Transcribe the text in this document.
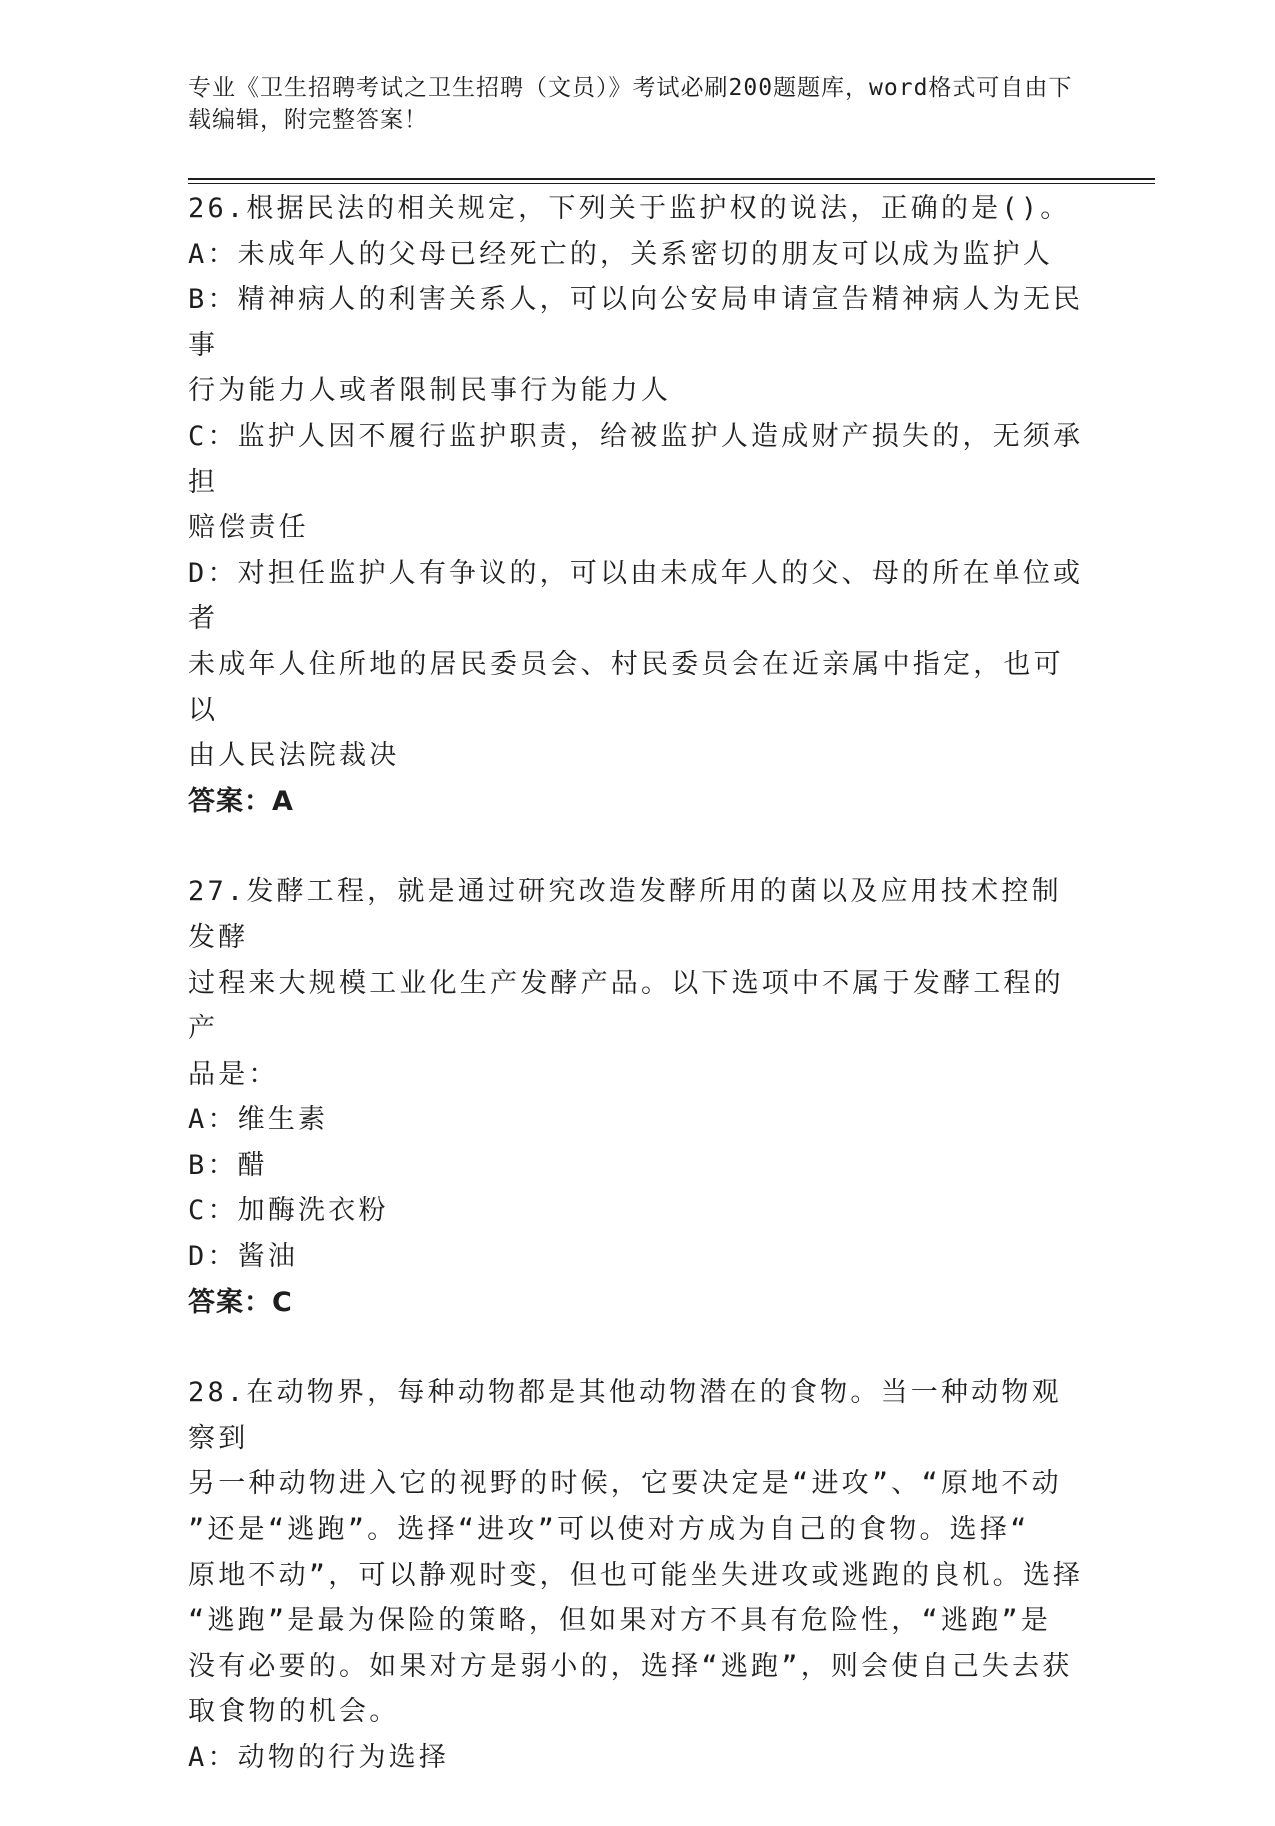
专业《卫生招聘考试之卫生招聘（文员）》考试必刷200题题库，word格式可自由下载编辑，附完整答案！

26.根据民法的相关规定，下列关于监护权的说法，正确的是()。

A：未成年人的父母已经死亡的，关系密切的朋友可以成为监护人

B：精神病人的利害关系人，可以向公安局申请宣告精神病人为无民事

行为能力人或者限制民事行为能力人

C：监护人因不履行监护职责，给被监护人造成财产损失的，无须承担

赔偿责任

D：对担任监护人有争议的，可以由未成年人的父、母的所在单位或者

未成年人住所地的居民委员会、村民委员会在近亲属中指定，也可以

由人民法院裁决

答案：A

27.发酵工程，就是通过研究改造发酵所用的菌以及应用技术控制发酵

过程来大规模工业化生产发酵产品。以下选项中不属于发酵工程的产

品是：

A：维生素

B：醋

C：加酶洗衣粉

D：酱油

答案：C

28.在动物界，每种动物都是其他动物潜在的食物。当一种动物观察到

另一种动物进入它的视野的时候，它要决定是“进攻”、“原地不动

”还是“逃跑”。选择“进攻”可以使对方成为自己的食物。选择“

原地不动”，可以静观时变，但也可能坐失进攻或逃跑的良机。选择

“逃跑”是最为保险的策略，但如果对方不具有危险性，“逃跑”是

没有必要的。如果对方是弱小的，选择“逃跑”，则会使自己失去获

取食物的机会。

A：动物的行为选择
